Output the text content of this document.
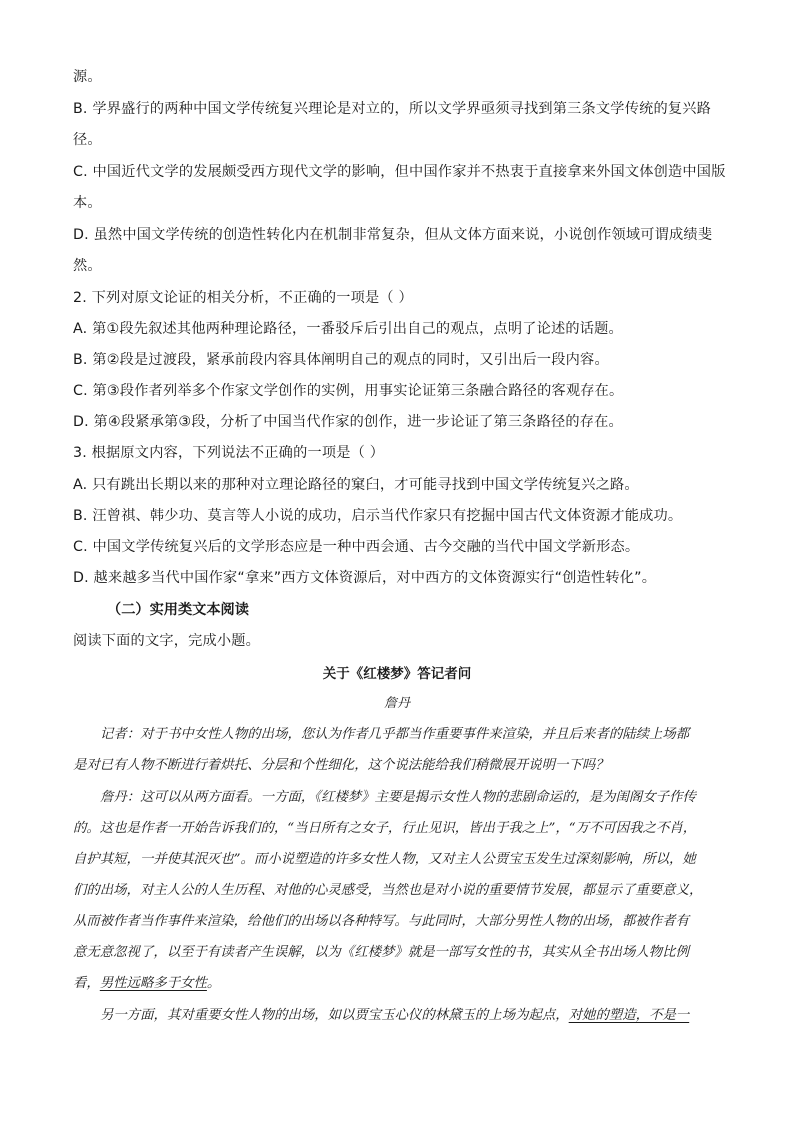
源。

B. 学界盛行的两种中国文学传统复兴理论是对立的，所以文学界亟须寻找到第三条文学传统的复兴路

径。

C. 中国近代文学的发展颇受西方现代文学的影响，但中国作家并不热衷于直接拿来外国文体创造中国版

本。

D. 虽然中国文学传统的创造性转化内在机制非常复杂，但从文体方面来说，小说创作领域可谓成绩斐

然。

2. 下列对原文论证的相关分析，不正确的一项是（ ）

A. 第①段先叙述其他两种理论路径，一番驳斥后引出自己的观点，点明了论述的话题。

B. 第②段是过渡段，紧承前段内容具体阐明自己的观点的同时，又引出后一段内容。

C. 第③段作者列举多个作家文学创作的实例，用事实论证第三条融合路径的客观存在。

D. 第④段紧承第③段，分析了中国当代作家的创作，进一步论证了第三条路径的存在。

3. 根据原文内容，下列说法不正确的一项是（ ）

A. 只有跳出长期以来的那种对立理论路径的窠臼，才可能寻找到中国文学传统复兴之路。

B. 汪曾祺、韩少功、莫言等人小说的成功，启示当代作家只有挖掘中国古代文体资源才能成功。

C. 中国文学传统复兴后的文学形态应是一种中西会通、古今交融的当代中国文学新形态。

D. 越来越多当代中国作家“拿来”西方文体资源后，对中西方的文体资源实行“创造性转化”。

（二）实用类文本阅读

阅读下面的文字，完成小题。

关于《红楼梦》答记者问

詹丹

记者：对于书中女性人物的出场，您认为作者几乎都当作重要事件来渲染，并且后来者的陆续上场都

是对已有人物不断进行着烘托、分层和个性细化，这个说法能给我们稍微展开说明一下吗？

詹丹：这可以从两方面看。一方面，《红楼梦》主要是揭示女性人物的悲剧命运的，是为闺阁女子作传

的。这也是作者一开始告诉我们的，“当日所有之女子，行止见识，皆出于我之上”，“万不可因我之不肖，

自护其短，一并使其泯灭也”。而小说塑造的许多女性人物，又对主人公贾宝玉发生过深刻影响，所以，她

们的出场，对主人公的人生历程、对他的心灵感受，当然也是对小说的重要情节发展，都显示了重要意义，

从而被作者当作事件来渲染，给他们的出场以各种特写。与此同时，大部分男性人物的出场，都被作者有

意无意忽视了，以至于有读者产生误解，以为《红楼梦》就是一部写女性的书，其实从全书出场人物比例

看，男性远略多于女性。

另一方面，其对重要女性人物的出场，如以贾宝玉心仪的林黛玉的上场为起点，对她的塑造，不是一
